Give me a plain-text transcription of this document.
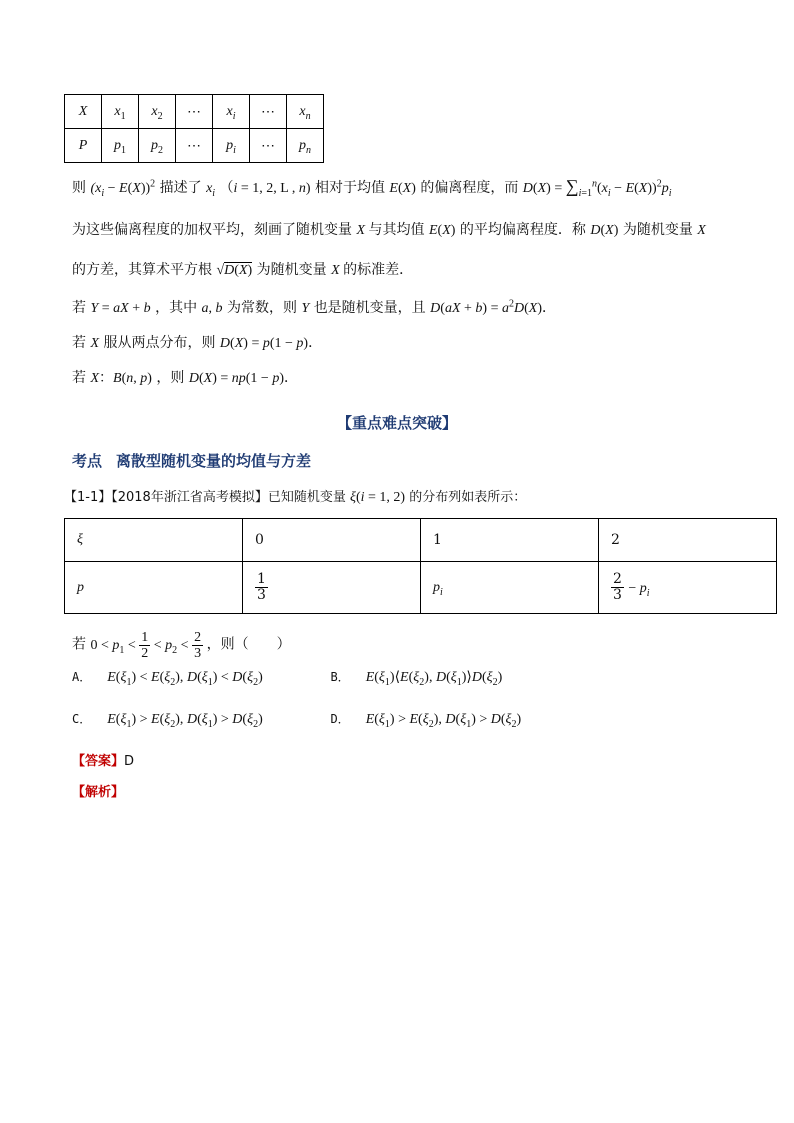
X	$x_1$	$x_2$	⋯	$x_i$	⋯	$x_n$
P	$p_1$	$p_2$	⋯	$p_i$	⋯	$p_n$
则 $(x_i - E(X))^2$ 描述了 $x_i$ （i = 1, 2, L , n) 相对于均值 E(X) 的偏离程度，而 $D(X) = \sum_{i=1}^n(x_i - E(X))^2p_i$
为这些偏离程度的加权平均，刻画了随机变量 X 与其均值 E(X) 的平均偏离程度．称 D(X) 为随机变量 X
的方差，其算术平方根 √D(X) 为随机变量 X 的标准差．
若 Y = aX + b ，其中 a, b 为常数，则 Y 也是随机变量，且 $D(aX + b) = a^2D(X)$．
若 X 服从两点分布，则 D(X) = p(1 − p)．
若 X：B(n, p) ，则 D(X) = np(1 − p)．
【重点难点突破】
考点 离散型随机变量的均值与方差
【1-1】【2018年浙江省高考模拟】已知随机变量 ξ(i = 1, 2) 的分布列如表所示：
ξ	0	1	2
p	$\frac{1}{3}$	$p_i$	$\frac{2}{3} - p_i$
若 $0 < p_1 < \frac{1}{2} < p_2 < \frac{2}{3}$ ，则（　　）
A． $E(\xi_1) < E(\xi_2)$, $D(\xi_1) < D(\xi_2)$	B． $E(\xi_1)⟨E(\xi_2)$, $D(\xi_1)⟩D(\xi_2)$
C． $E(\xi_1) > E(\xi_2)$, $D(\xi_1) > D(\xi_2)$	D． $E(\xi_1) > E(\xi_2)$, $D(\xi_1) > D(\xi_2)$
【答案】D
【解析】
